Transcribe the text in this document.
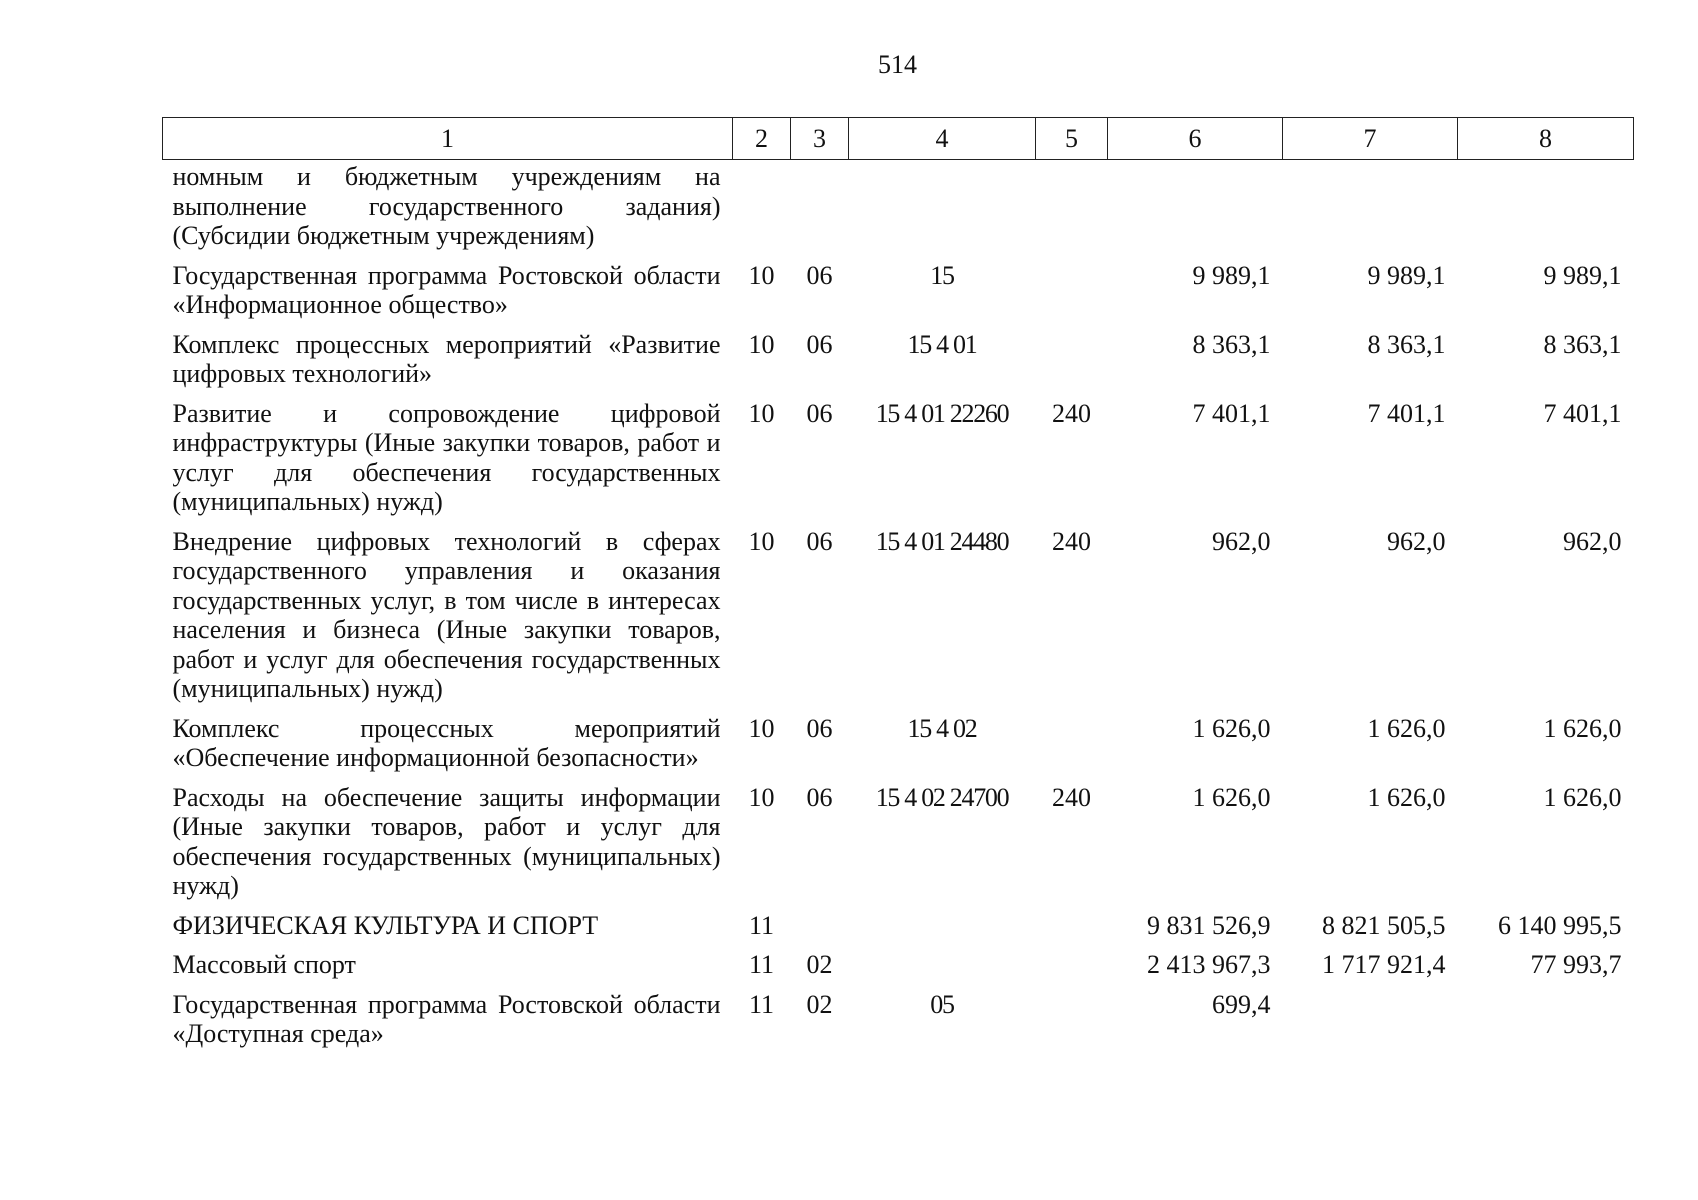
514
1	2	3	4	5	6	7	8
номным и бюджетным учреждениям на выполнение государственного задания) (Субсидии бюджетным учреждениям)							
Государственная программа Ростовской области «Информационное общество»	10	06	15		9 989,1	9 989,1	9 989,1
Комплекс процессных мероприятий «Развитие цифровых технологий»	10	06	15 4 01		8 363,1	8 363,1	8 363,1
Развитие и сопровождение цифровой инфраструктуры (Иные закупки товаров, работ и услуг для обеспечения государственных (муниципальных) нужд)	10	06	15 4 01 22260	240	7 401,1	7 401,1	7 401,1
Внедрение цифровых технологий в сферах государственного управления и оказания государственных услуг, в том числе в интересах населения и бизнеса (Иные закупки товаров, работ и услуг для обеспечения государственных (муниципальных) нужд)	10	06	15 4 01 24480	240	962,0	962,0	962,0
Комплекс процессных мероприятий «Обеспечение информационной безопасности»	10	06	15 4 02		1 626,0	1 626,0	1 626,0
Расходы на обеспечение защиты информации (Иные закупки товаров, работ и услуг для обеспечения государственных (муниципальных) нужд)	10	06	15 4 02 24700	240	1 626,0	1 626,0	1 626,0
ФИЗИЧЕСКАЯ КУЛЬТУРА И СПОРТ	11				9 831 526,9	8 821 505,5	6 140 995,5
Массовый спорт	11	02			2 413 967,3	1 717 921,4	77 993,7
Государственная программа Ростовской области «Доступная среда»	11	02	05		699,4		
